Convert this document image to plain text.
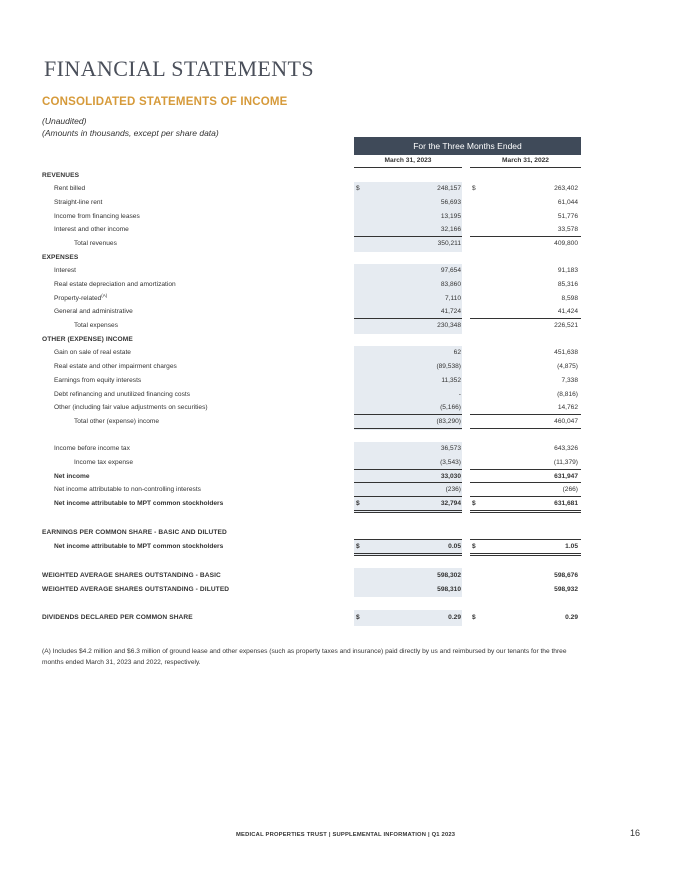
FINANCIAL STATEMENTS
CONSOLIDATED STATEMENTS OF INCOME
(Unaudited)
(Amounts in thousands, except per share data)
For the Three Months Ended
March 31, 2023	March 31, 2022
REVENUES
Rent billed	$	248,157 $	263,402
Straight-line rent	56,693	61,044
Income from financing leases	13,195	51,776
Interest and other income	32,166	33,578
Total revenues	350,211	409,800
EXPENSES
Interest	97,654	91,183
Real estate depreciation and amortization	83,860	85,316
Property-related$^{(A)}$	7,110	8,598
General and administrative	41,724	41,424
Total expenses	230,348	226,521
OTHER (EXPENSE) INCOME
Gain on sale of real estate	62	451,638
Real estate and other impairment charges	(89,538)	(4,875)
Earnings from equity interests	11,352	7,338
Debt refinancing and unutilized financing costs	-	(8,816)
Other (including fair value adjustments on securities)	(5,166)	14,762
Total other (expense) income	(83,290)	460,047
Income before income tax	36,573	643,326
Income tax expense	(3,543)	(11,379)
Net income	33,030	631,947
Net income attributable to non-controlling interests	(236)	(266)
Net income attributable to MPT common stockholders	$	32,794 $	631,681
EARNINGS PER COMMON SHARE - BASIC AND DILUTED
Net income attributable to MPT common stockholders	$	0.05 $	1.05
WEIGHTED AVERAGE SHARES OUTSTANDING - BASIC	598,302	598,676
WEIGHTED AVERAGE SHARES OUTSTANDING - DILUTED	598,310	598,932
DIVIDENDS DECLARED PER COMMON SHARE	$	0.29 $	0.29
(A) Includes $4.2 million and $6.3 million of ground lease and other expenses (such as property taxes and insurance) paid directly by us and reimbursed by our tenants for the three months ended March 31, 2023 and 2022, respectively.
MEDICAL PROPERTIES TRUST | SUPPLEMENTAL INFORMATION | Q1 2023	16
